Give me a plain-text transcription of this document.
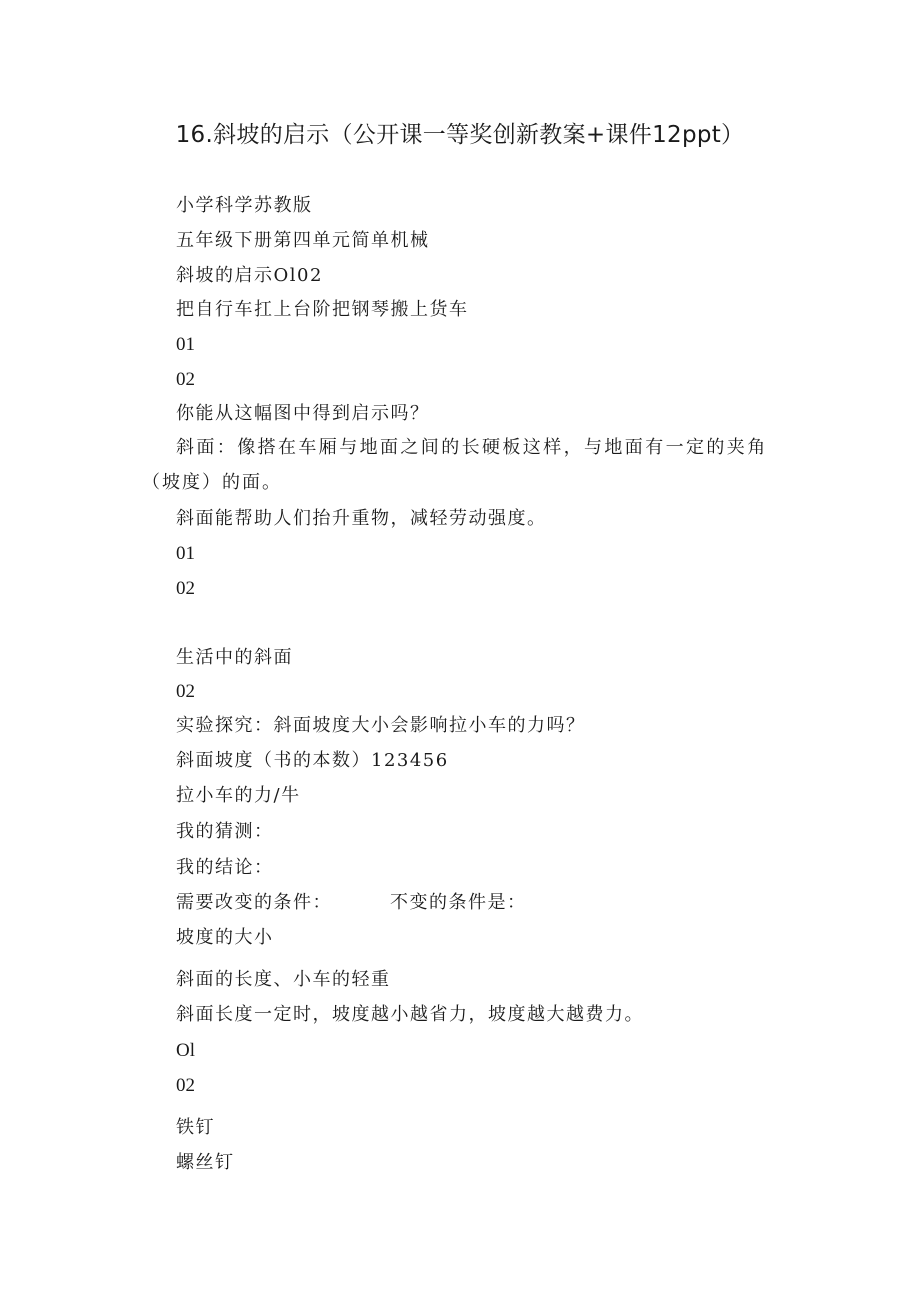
16.斜坡的启示（公开课一等奖创新教案+课件12ppt）
小学科学苏教版
五年级下册第四单元简单机械
斜坡的启示Ol02
把自行车扛上台阶把钢琴搬上货车
01
02
你能从这幅图中得到启示吗？
斜面：像搭在车厢与地面之间的长硬板这样，与地面有一定的夹角
（坡度）的面。
斜面能帮助人们抬升重物，减轻劳动强度。
01
02
生活中的斜面
02
实验探究：斜面坡度大小会影响拉小车的力吗？
斜面坡度（书的本数）123456
拉小车的力/牛
我的猜测：
我的结论：
需要改变的条件：	不变的条件是：
坡度的大小
斜面的长度、小车的轻重
斜面长度一定时，坡度越小越省力，坡度越大越费力。
Ol
02
铁钉
螺丝钉
